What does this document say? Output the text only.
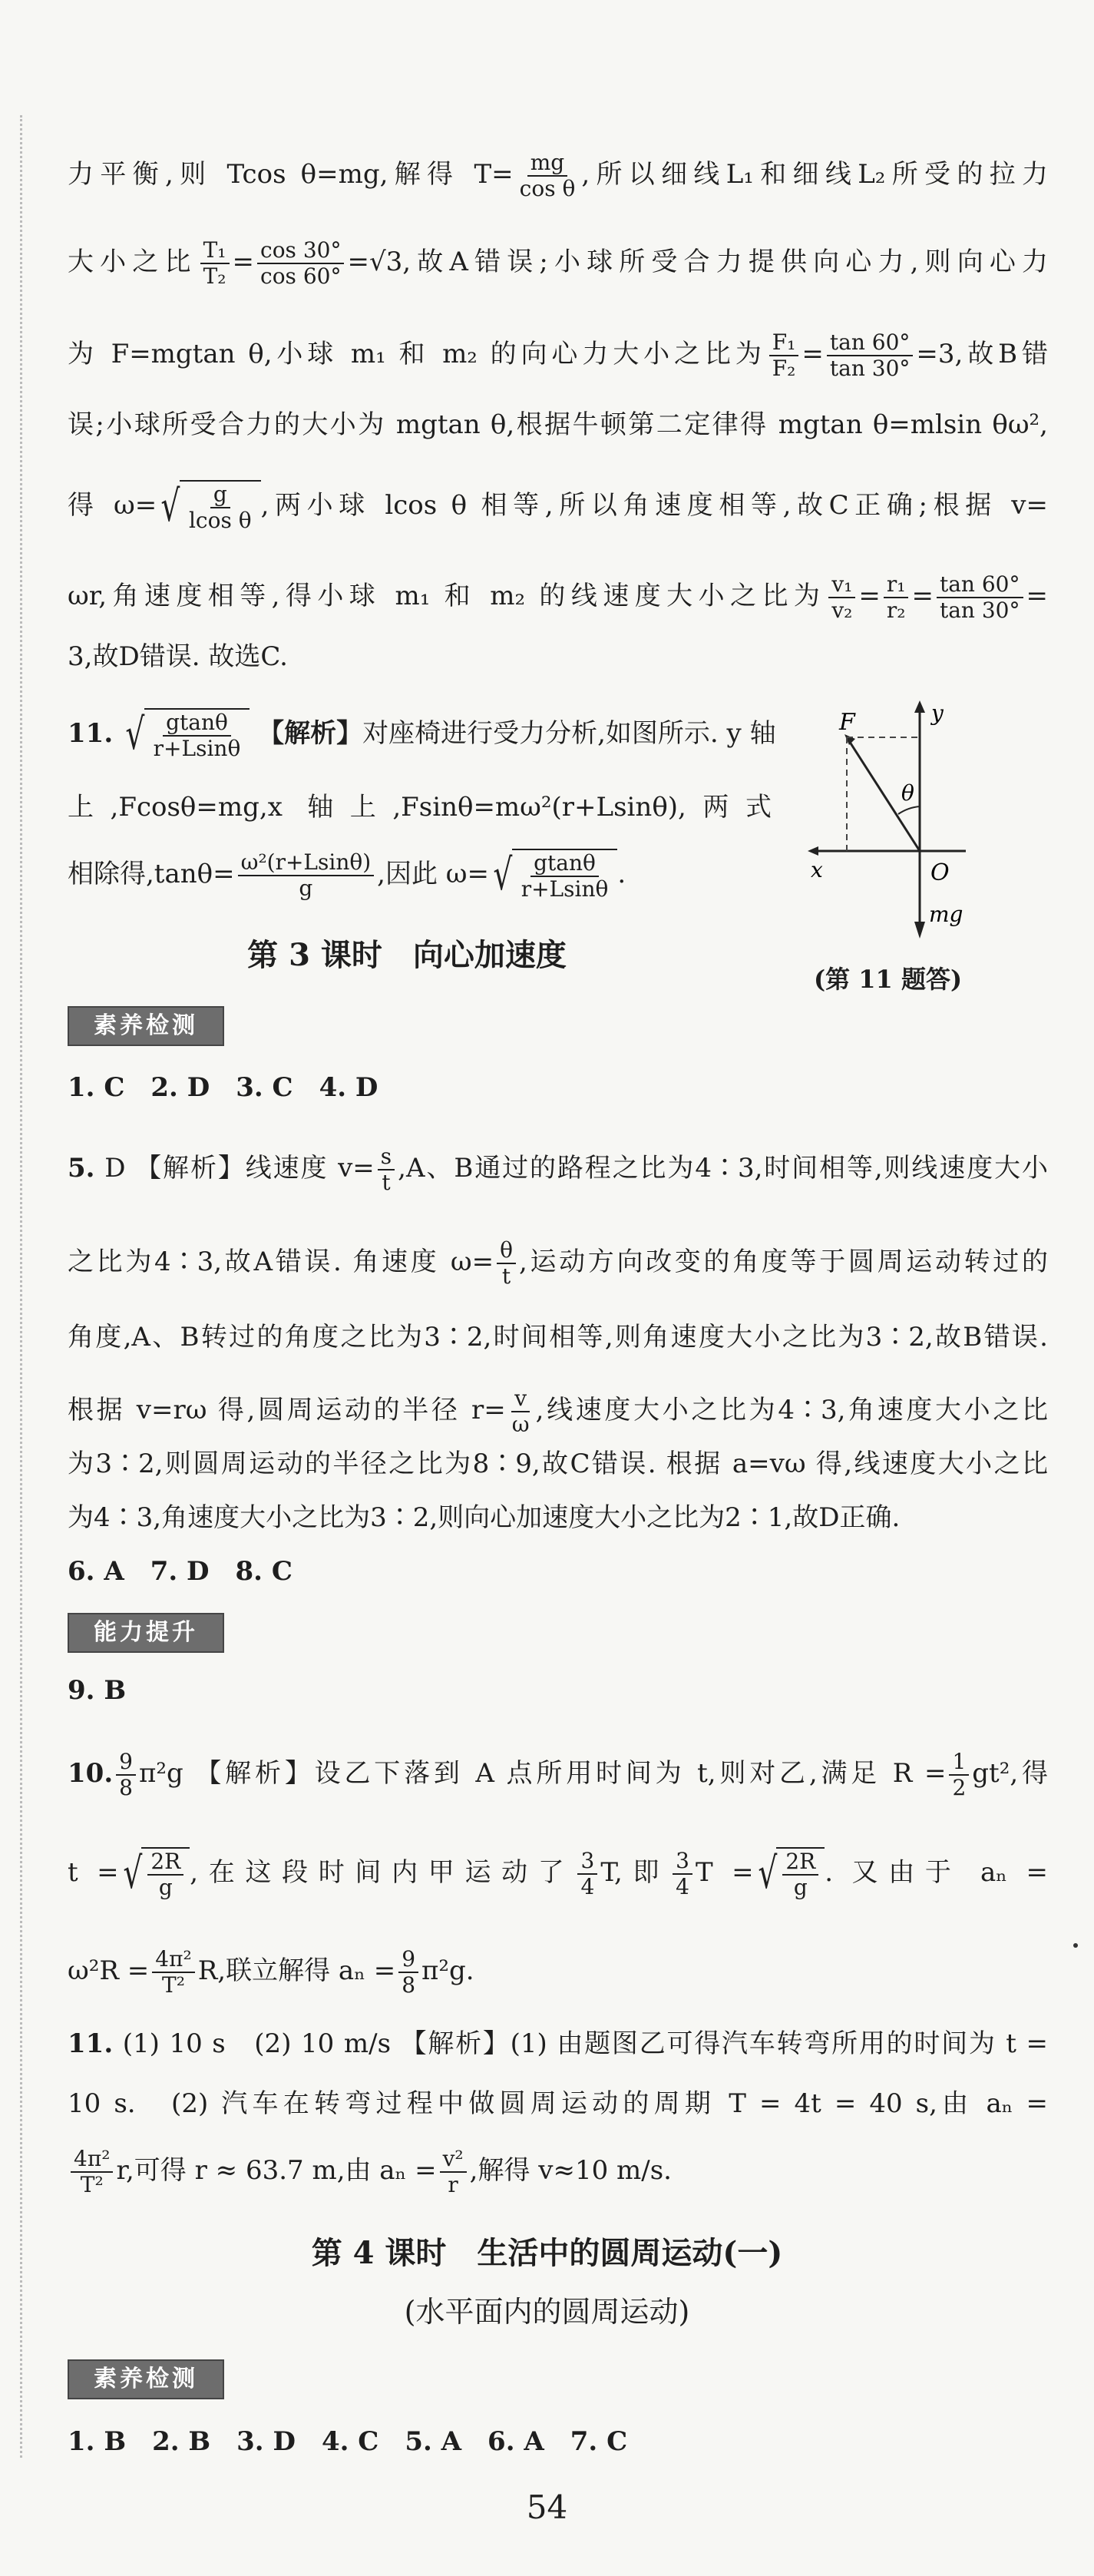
力平衡,则 Tcos θ=mg,解得 $T= \frac{mg}{\text{cos θ}}$ ,所以细线L₁和细线L₂所受的拉力
大小之比 $\frac{\text{T₁}}{\text{T₂}} = \frac{\cos 30^\circ}{\cos 60^\circ} =√3$,故A错误;小球所受合力提供向心力,则向心力
为 F=mgtan θ,小球 m₁ 和 m₂ 的向心力大小之比为 $\frac{\text{F₁}}{\text{F₂}} = \frac{\tan 60^\circ}{\tan 30^\circ} =3$,故B错
误;小球所受合力的大小为 mgtan θ,根据牛顿第二定律得 mgtan θ=mlsin θω²,
得 ω= √ $\frac{g}{\text{lcos θ}}$ ,两小球 lcos θ 相等,所以角速度相等,故C正确;根据 v=
ωr,角速度相等,得小球 m₁ 和 m₂ 的线速度大小之比为 $\frac{\text{v₁}}{\text{v₂}} = \frac{\text{r₁}}{\text{r₂}} = \frac{\tan 60^\circ}{\tan 30^\circ}$ =
3,故D错误. 故选C.
11. √ $\frac{gtan\theta}{r+Lsin\theta}$ 【解析】对座椅进行受力分析,如图所示. y 轴
上,Fcosθ=mg,x 轴上,Fsinθ=mω²(r+Lsinθ),两式
相除得$,\tan\theta= \frac{\text{ω²(r+Lsinθ)}}{g}$ ,因此 ω= √ $\frac{gtan\theta}{r+Lsin\theta}$ .
F	y
x	O
θ
mg
(第 11 题答)
第 3 课时　向心加速度
素养检测
1. C　2. D　3. C　4. D
5. D 【解析】线速度 $v= \frac{s}{t} ,A$、B通过的路程之比为4∶3,时间相等,则线速度大小
之比为4∶3,故A错误. 角速度 $\omega= \frac{\theta}{t}$ ,运动方向改变的角度等于圆周运动转过的
角度,A、B转过的角度之比为3∶2,时间相等,则角速度大小之比为3∶2,故B错误.
根据 v=rω 得,圆周运动的半径 $r= \frac{v}{\omega}$ ,线速度大小之比为4∶3,角速度大小之比
为3∶2,则圆周运动的半径之比为8∶9,故C错误. 根据 a=vω 得,线速度大小之比
为4∶3,角速度大小之比为3∶2,则向心加速度大小之比为2∶1,故D正确.
6. A　7. D　8. C
能力提升
9. B
10. $\frac{9}{8} \pi^2g$ 【解析】设乙下落到 A 点所用时间为 t,则对乙,满足 $R = \frac{1}{2} gt^2$,得
t = √ $\frac{2R}{g}$ ,在这段时间内甲运动了 $\frac{3}{4} T$,即 $\frac{3}{4}$ T = √ $\frac{2R}{g}$ . 又由于 aₙ =
$\omega^2R = \frac{\text{4π²}}{\text{T²}} R$,联立解得 $a_n = \frac{9}{8} \pi^2g$.
11. (1) 10 s　(2) 10 m/s 【解析】(1) 由题图乙可得汽车转弯所用的时间为 t =
10 s.　(2) 汽车在转弯过程中做圆周运动的周期 T = 4t = 40 s,由 aₙ =
$\frac{\text{4π²}}{\text{T²}} r$,可得 r ≈ 63.7 m,由 $a_n = \frac{\text{v²}}{r}$ ,解得 v≈10 m/s.
第 4 课时　生活中的圆周运动(一)
(水平面内的圆周运动)
素养检测
1. B　2. B　3. D　4. C　5. A　6. A　7. C
54
